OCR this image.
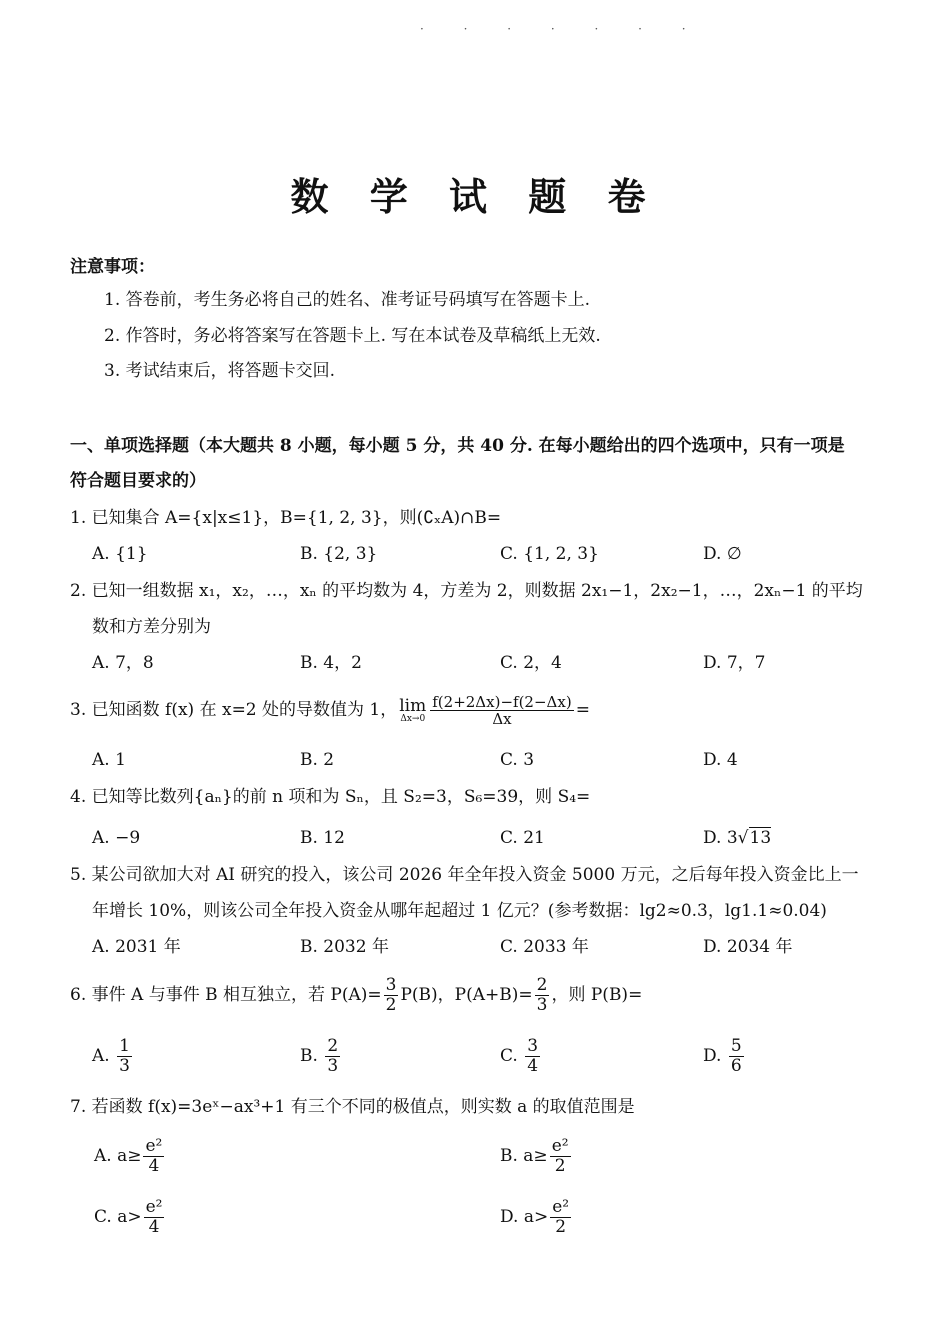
· · · · · · ·
数 学 试 题 卷
注意事项：
1. 答卷前，考生务必将自己的姓名、准考证号码填写在答题卡上.
2. 作答时，务必将答案写在答题卡上. 写在本试卷及草稿纸上无效.
3. 考试结束后，将答题卡交回.
一、单项选择题（本大题共 8 小题，每小题 5 分，共 40 分. 在每小题给出的四个选项中，只有一项是
符合题目要求的）
1. 已知集合 A={x|x≤1}，B={1, 2, 3}，则(∁ₓA)∩B=
A. {1}	B. {2, 3}	C. {1, 2, 3}	D. ∅
2. 已知一组数据 x₁，x₂，…，xₙ 的平均数为 4，方差为 2，则数据 2x₁−1，2x₂−1，…，2xₙ−1 的平均
数和方差分别为
A. 7，8	B. 4，2	C. 2，4	D. 7，7
3. 已知函数 f(x) 在 x=2 处的导数值为 1， lim
$\Delta x\to 0 \frac{f(2+2\Delta x)-f(2-\Delta x)}{\Delta x}$ =
A. 1	B. 2	C. 3	D. 4
4. 已知等比数列{aₙ}的前 n 项和为 Sₙ，且 S₂=3，S₆=39，则 S₄=
A. −9	B. 12	C. 21	D. 3√13
5. 某公司欲加大对 AI 研究的投入，该公司 2026 年全年投入资金 5000 万元，之后每年投入资金比上一
年增长 10%，则该公司全年投入资金从哪年起超过 1 亿元？(参考数据：lg2≈0.3，lg1.1≈0.04)
A. 2031 年	B. 2032 年	C. 2033 年	D. 2034 年
6. 事件 A 与事件 B 相互独立，若 $P(A)= \frac{3}{2} P(B)$，$P(A+B)= \frac{2}{3}$ ，则 P(B)=
A. $\frac{1}{3}$	B. $\frac{2}{3}$	C. $\frac{3}{4}$	D. $\frac{5}{6}$
7. 若函数 f(x)=3eˣ−ax³+1 有三个不同的极值点，则实数 a 的取值范围是
A. $a\ge \frac{\text{e²}}{4}$	B. $a\ge \frac{\text{e²}}{2}$
C. $a> \frac{\text{e²}}{4}$	D. $a> \frac{\text{e²}}{2}$
